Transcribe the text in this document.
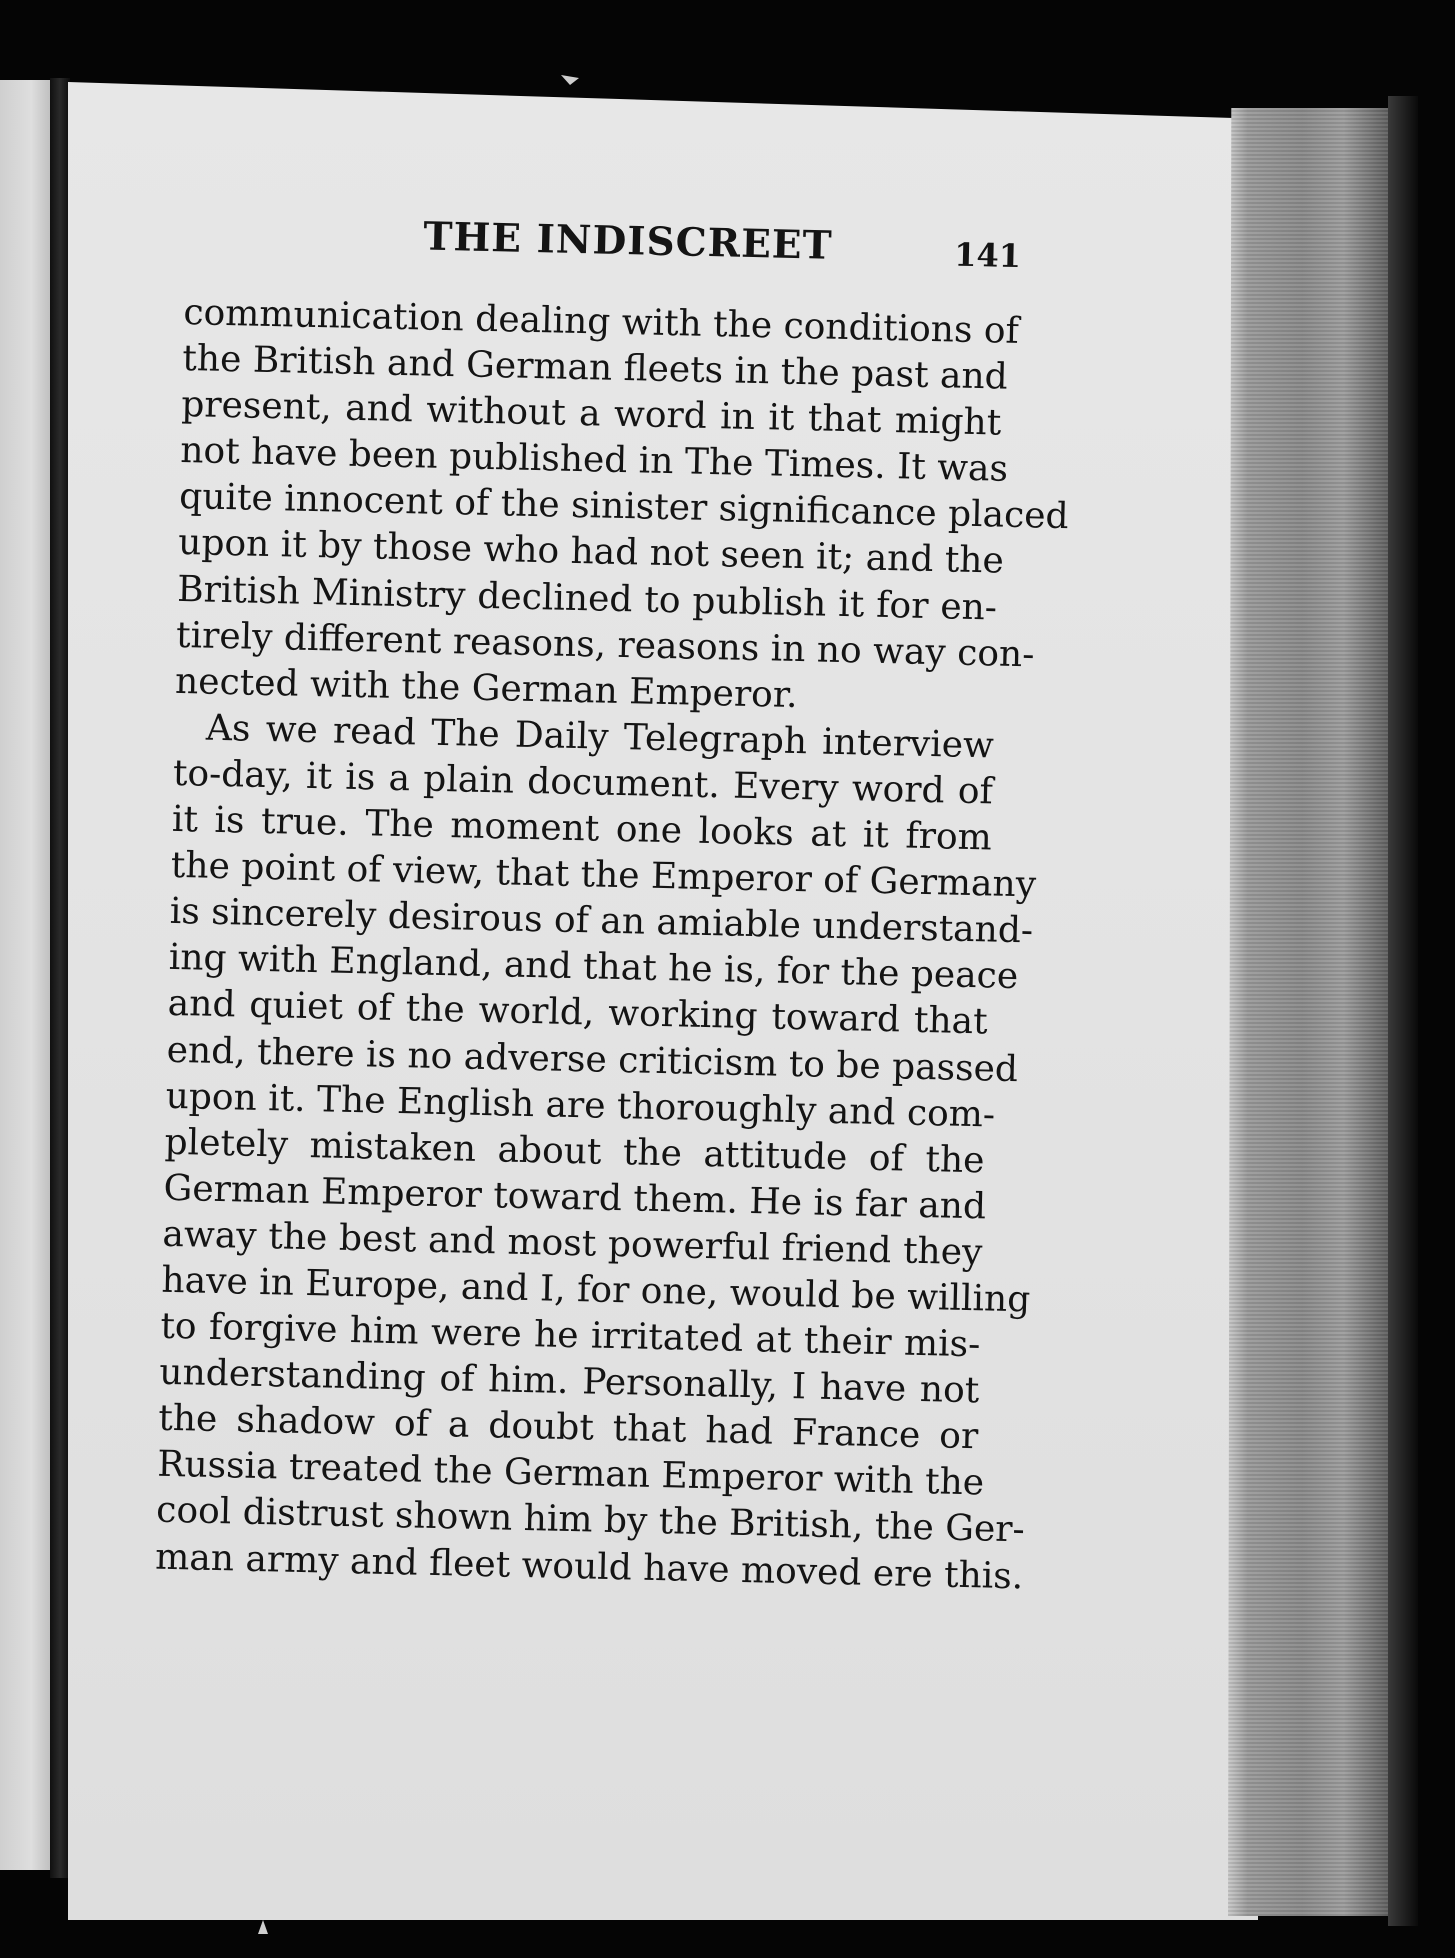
THE INDISCREET	141
communication dealing with the conditions of
the British and German fleets in the past and
present, and without a word in it that might
not have been published in The Times. It was
quite innocent of the sinister significance placed
upon it by those who had not seen it; and the
British Ministry declined to publish it for en-
tirely different reasons, reasons in no way con-
nected with the German Emperor.
As we read The Daily Telegraph interview
to-day, it is a plain document. Every word of
it is true. The moment one looks at it from
the point of view, that the Emperor of Germany
is sincerely desirous of an amiable understand-
ing with England, and that he is, for the peace
and quiet of the world, working toward that
end, there is no adverse criticism to be passed
upon it. The English are thoroughly and com-
pletely mistaken about the attitude of the
German Emperor toward them. He is far and
away the best and most powerful friend they
have in Europe, and I, for one, would be willing
to forgive him were he irritated at their mis-
understanding of him. Personally, I have not
the shadow of a doubt that had France or
Russia treated the German Emperor with the
cool distrust shown him by the British, the Ger-
man army and fleet would have moved ere this.
